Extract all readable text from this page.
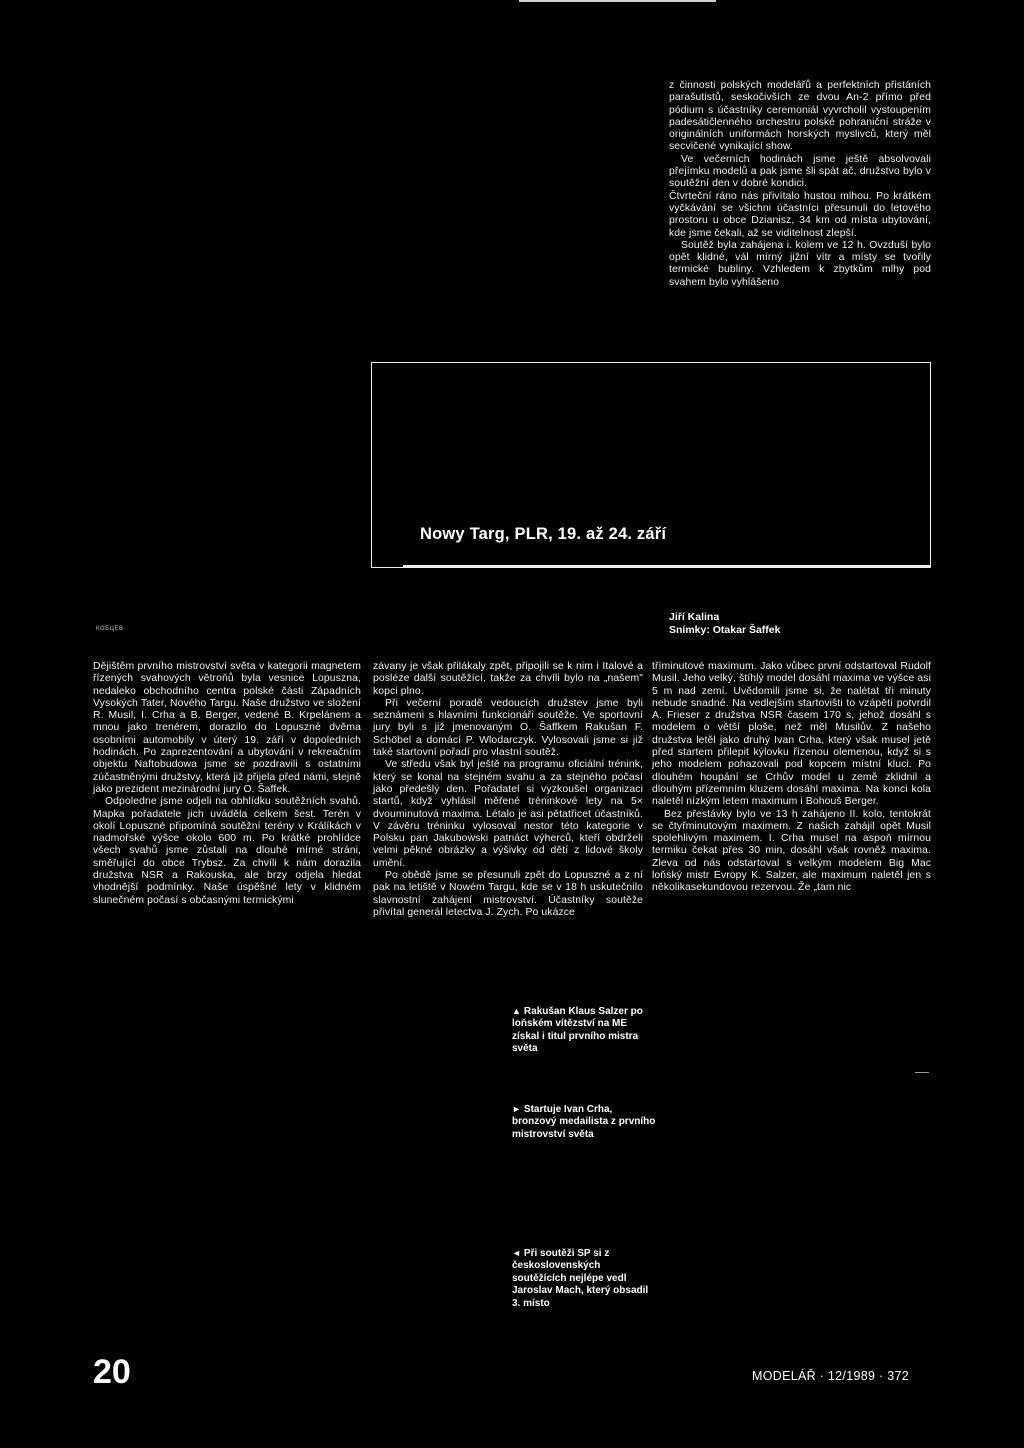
z činnosti polských modelářů a perfektních přistáních parašutistů, seskočivších ze dvou An-2 přímo před pódium s účastníky ceremoniál vyvrcholil vystoupením padesátičlenného orchestru polské pohraniční stráže v originálních uniformách horských myslivců, který měl secvičené vynikající show.

Ve večerních hodinách jsme ještě absolvovali přejímku modelů a pak jsme šli spát ač, družstvo bylo v soutěžní den v dobré kondici.

Čtvrteční ráno nás přivítalo hustou mlhou. Po krátkém vyčkávání se všichni účastníci přesunuli do letového prostoru u obce Dzianisz, 34 km od místa ubytování, kde jsme čekali, až se viditelnost zlepší.

Soutěž byla zahájena i. kolem ve 12 h. Ovzduší bylo opět klidné, vál mírný jižní vítr a místy se tvořily termické bubliny. Vzhledem k zbytkům mlhy pod svahem bylo vyhlášeno

Nowy Targ, PLR, 19. až 24. září
КОБЦЕВ
Jiří Kalina
Snímky: Otakar Šaffek

Dějištěm prvního mistrovství světa v kategorii magnetem řízených svahových větroňů byla vesnice Lopuszna, nedaleko obchodního centra polské části Západních Vysokých Tater, Nového Targu. Naše družstvo ve složení R. Musil, I. Crha a B. Berger, vedené B. Krpelánem a mnou jako trenérem, dorazilo do Lopuszné dvěma osobními automobily v úterý 19. září v dopoledních hodinách. Po zaprezentování a ubytování v rekreačním objektu Naftobudowa jsme se pozdravili s ostatními zúčastněnými družstvy, která již přijela před námi, stejně jako prezident mezinárodní jury O. Šaffek.

Odpoledne jsme odjeli na obhlídku soutěžních svahů. Mapka pořadatele jich uváděla celkem šest. Terén v okolí Lopuszné připomíná soutěžní terény v Králíkách v nadmořské výšce okolo 600 m. Po krátké prohlídce všech svahů jsme zůstali na dlouhé mírné stráni, směřující do obce Trybsz. Za chvíli k nám dorazila družstva NSR a Rakouska, ale brzy odjela hledat vhodnější podmínky. Naše úspěšné lety v klidném slunečném počasí s občasnými termickými

závany je však přilákaly zpět, připojili se k nim i Italové a posléze další soutěžící, takže za chvíli bylo na „našem" kopci plno.

Při večerní poradě vedoucích družstev jsme byli seznámeni s hlavními funkcionáři soutěže. Ve sportovní jury byli s již jmenovaným O. Šaffkem Rakušan F. Schöbel a domácí P. Wlodarczyk. Vylosovali jsme si již také startovní pořadí pro vlastní soutěž.

Ve středu však byl ještě na programu oficiální trénink, který se konal na stejném svahu a za stejného počasí jako předešlý den. Pořadatel si vyzkoušel organizaci startů, když vyhlásil měřené tréninkové lety na 5× dvouminutová maxima. Létalo je asi pětatřicet účastníků. V závěru tréninku vylosoval nestor této kategorie v Polsku pan Jakubowski patnáct výherců, kteří obdrželi velmi pěkné obrázky a výšivky od dětí z lidové školy umění.

Po obědě jsme se přesunuli zpět do Lopuszné a z ní pak na letiště v Nowém Targu, kde se v 18 h uskutečnilo slavnostní zahájení mistrovství. Účastníky soutěže přivítal generál letectva J. Zych. Po ukázce

tříminutové maximum. Jako vůbec první odstartoval Rudolf Musil. Jeho velký, štíhlý model dosáhl maxima ve výšce asi 5 m nad zemí. Uvědomili jsme si, že nalétat tři minuty nebude snadné. Na vedlejším startovišti to vzápětí potvrdil A. Frieser z družstva NSR časem 170 s, jehož dosáhl s modelem o větší ploše, než měl Musilův. Z našeho družstva letěl jako druhý Ivan Crha, který však musel jetě před startem přilepit kýlovku řízenou olemenou, když si s jeho modelem pohazovali pod kopcem místní kluci. Po dlouhém houpání se Crhův model u země zklidnil a dlouhým přízemním kluzem dosáhl maxima. Na konci kola naletěl nízkým letem maximum i Bohouš Berger.

Bez přestávky bylo ve 13 h zahájeno II. kolo, tentokrát se čtyřminutovým maximem. Z našich zahájil opět Musil spolehlivým maximem. I. Crha musel na aspoň mírnou termiku čekat přes 30 min, dosáhl však rovněž maxima. Zleva od nás odstartoval s velkým modelem Big Mac loňský mistr Evropy K. Salzer, ale maximum naletěl jen s několikasekundovou rezervou. Že „tam nic

▲ Rakušan Klaus Salzer po loňském vítězství na ME získal i titul prvního mistra světa
► Startuje Ivan Crha, bronzový medailista z prvního mistrovství světa
◄ Při soutěži SP si z československých soutěžících nejlépe vedl Jaroslav Mach, který obsadil 3. místo
20	MODELÁŘ · 12/1989 · 372
